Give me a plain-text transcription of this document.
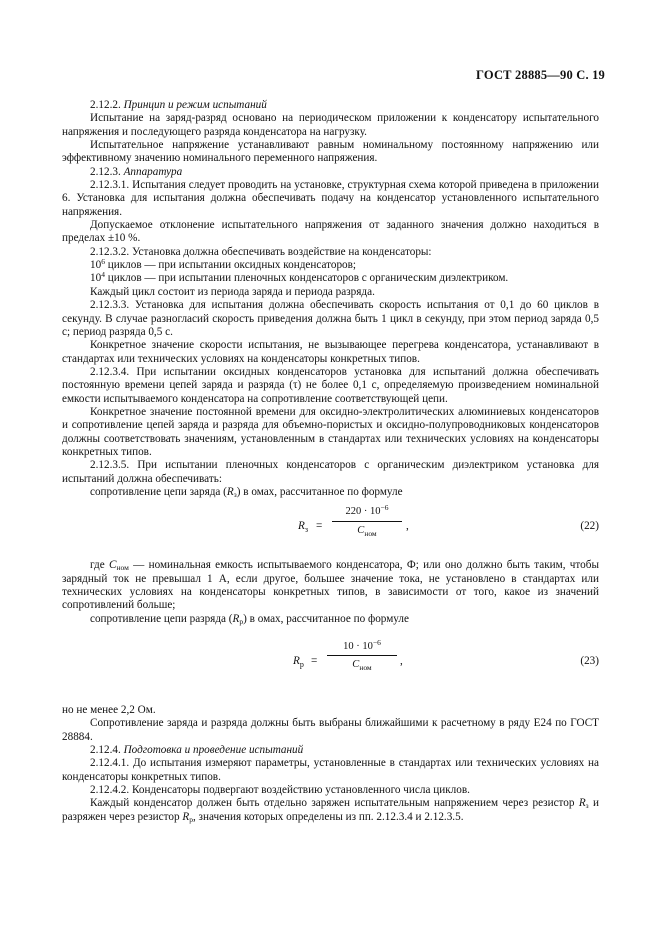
ГОСТ 28885—90 С. 19

2.12.2. Принцип и режим испытаний

Испытание на заряд-разряд основано на периодическом приложении к конденсатору испытательного напряжения и последующего разряда конденсатора на нагрузку.

Испытательное напряжение устанавливают равным номинальному постоянному напряжению или эффективному значению номинального переменного напряжения.

2.12.3. Аппаратура

2.12.3.1. Испытания следует проводить на установке, структурная схема которой приведена в приложении 6. Установка для испытания должна обеспечивать подачу на конденсатор установленного испытательного напряжения.

Допускаемое отклонение испытательного напряжения от заданного значения должно находиться в пределах ±10 %.

2.12.3.2. Установка должна обеспечивать воздействие на конденсаторы:

$10^6$ циклов — при испытании оксидных конденсаторов;

$10^4$ циклов — при испытании пленочных конденсаторов с органическим диэлектриком.

Каждый цикл состоит из периода заряда и периода разряда.

2.12.3.3. Установка для испытания должна обеспечивать скорость испытания от 0,1 до 60 циклов в секунду. В случае разногласий скорость приведения должна быть 1 цикл в секунду, при этом период заряда 0,5 с; период разряда 0,5 с.

Конкретное значение скорости испытания, не вызывающее перегрева конденсатора, устанавливают в стандартах или технических условиях на конденсаторы конкретных типов.

2.12.3.4. При испытании оксидных конденсаторов установка для испытаний должна обеспечивать постоянную времени цепей заряда и разряда (τ) не более 0,1 с, определяемую произведением номинальной емкости испытываемого конденсатора на сопротивление соответствующей цепи.

Конкретное значение постоянной времени для оксидно-электролитических алюминиевых конденсаторов и сопротивление цепей заряда и разряда для объемно-пористых и оксидно-полупроводниковых конденсаторов должны соответствовать значениям, установленным в стандартах или технических условиях на конденсаторы конкретных типов.

2.12.3.5. При испытании пленочных конденсаторов с органическим диэлектриком установка для испытаний должна обеспечивать:

сопротивление цепи заряда $(R_з)$ в омах, рассчитанное по формуле

$R_з$ =
$220 \cdot 10^{-6}$
$C_{ном}$
,	(22)

где $C_{ном}$ — номинальная емкость испытываемого конденсатора, Ф; или оно должно быть таким, чтобы зарядный ток не превышал 1 А, если другое, большее значение тока, не установлено в стандартах или технических условиях на конденсаторы конкретных типов, в зависимости от того, какое из значений сопротивлений больше;

сопротивление цепи разряда $(R_р)$ в омах, рассчитанное по формуле

$R_р$ =
$10 \cdot 10^{-6}$
$C_{ном}$
,	(23)

но не менее 2,2 Ом.

Сопротивление заряда и разряда должны быть выбраны ближайшими к расчетному в ряду Е24 по ГОСТ 28884.

2.12.4. Подготовка и проведение испытаний

2.12.4.1. До испытания измеряют параметры, установленные в стандартах или технических условиях на конденсаторы конкретных типов.

2.12.4.2. Конденсаторы подвергают воздействию установленного числа циклов.

Каждый конденсатор должен быть отдельно заряжен испытательным напряжением через резистор $R_з$ и разряжен через резистор $R_р$, значения которых определены из пп. 2.12.3.4 и 2.12.3.5.
